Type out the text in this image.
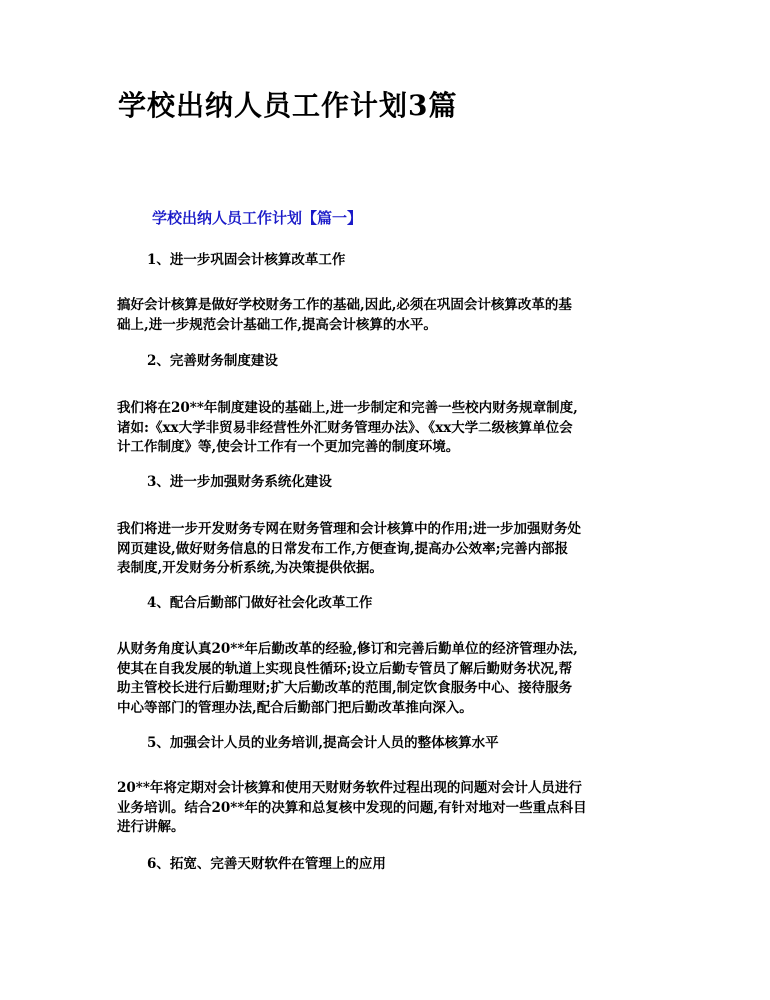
学校出纳人员工作计划3篇
学校出纳人员工作计划【篇一】
1、进一步巩固会计核算改革工作

搞好会计核算是做好学校财务工作的基础,因此,必须在巩固会计核算改革的基
础上,进一步规范会计基础工作,提高会计核算的水平。

2、完善财务制度建设

我们将在20**年制度建设的基础上,进一步制定和完善一些校内财务规章制度,
诸如:《xx大学非贸易非经营性外汇财务管理办法》、《xx大学二级核算单位会
计工作制度》等,使会计工作有一个更加完善的制度环境。

3、进一步加强财务系统化建设

我们将进一步开发财务专网在财务管理和会计核算中的作用;进一步加强财务处
网页建设,做好财务信息的日常发布工作,方便查询,提高办公效率;完善内部报
表制度,开发财务分析系统,为决策提供依据。

4、配合后勤部门做好社会化改革工作

从财务角度认真20**年后勤改革的经验,修订和完善后勤单位的经济管理办法,
使其在自我发展的轨道上实现良性循环;设立后勤专管员了解后勤财务状况,帮
助主管校长进行后勤理财;扩大后勤改革的范围,制定饮食服务中心、接待服务
中心等部门的管理办法,配合后勤部门把后勤改革推向深入。

5、加强会计人员的业务培训,提高会计人员的整体核算水平

20**年将定期对会计核算和使用天财财务软件过程出现的问题对会计人员进行
业务培训。结合20**年的决算和总复核中发现的问题,有针对地对一些重点科目
进行讲解。

6、拓宽、完善天财软件在管理上的应用
